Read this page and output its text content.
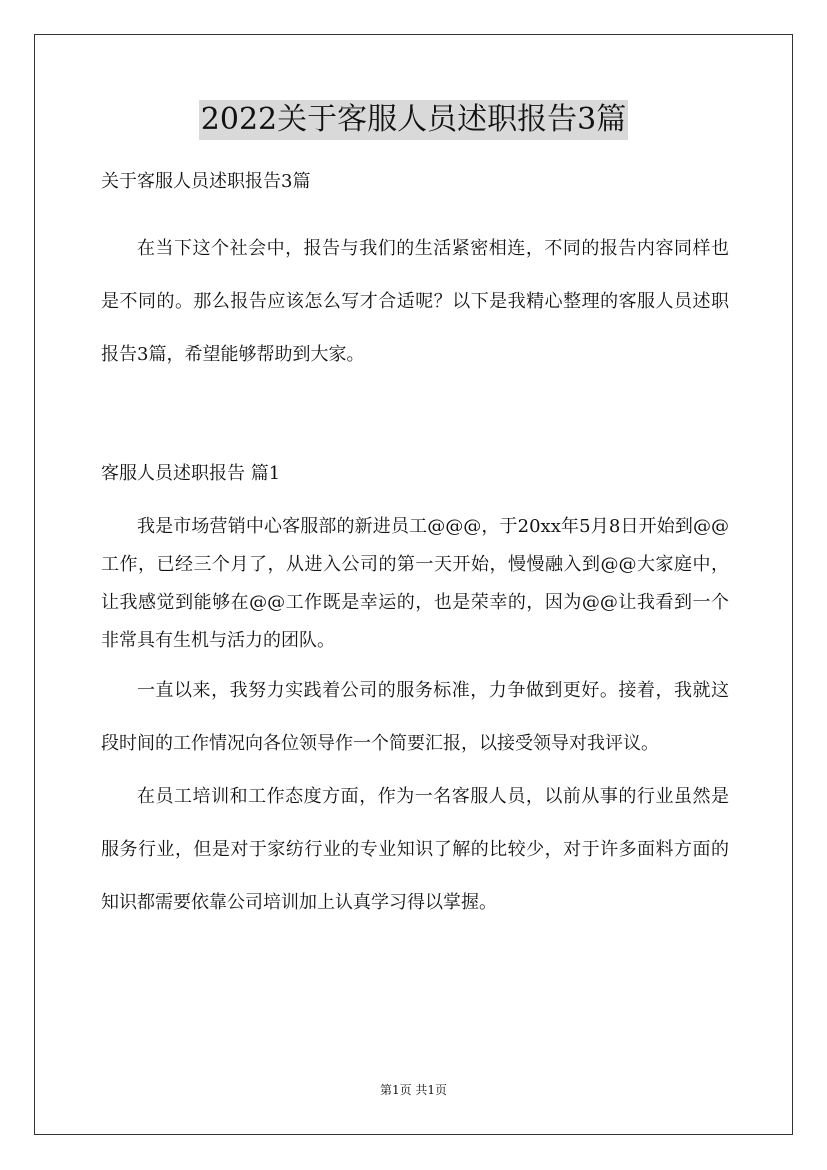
2022关于客服人员述职报告3篇

关于客服人员述职报告3篇

在当下这个社会中，报告与我们的生活紧密相连，不同的报告内容同样也是不同的。那么报告应该怎么写才合适呢？以下是我精心整理的客服人员述职报告3篇，希望能够帮助到大家。

客服人员述职报告 篇1

我是市场营销中心客服部的新进员工@@@，于20xx年5月8日开始到@@工作，已经三个月了，从进入公司的第一天开始，慢慢融入到@@大家庭中，让我感觉到能够在@@工作既是幸运的，也是荣幸的，因为@@让我看到一个非常具有生机与活力的团队。

一直以来，我努力实践着公司的服务标准，力争做到更好。接着，我就这段时间的工作情况向各位领导作一个简要汇报，以接受领导对我评议。

在员工培训和工作态度方面，作为一名客服人员，以前从事的行业虽然是服务行业，但是对于家纺行业的专业知识了解的比较少，对于许多面料方面的知识都需要依靠公司培训加上认真学习得以掌握。

第1页 共1页
